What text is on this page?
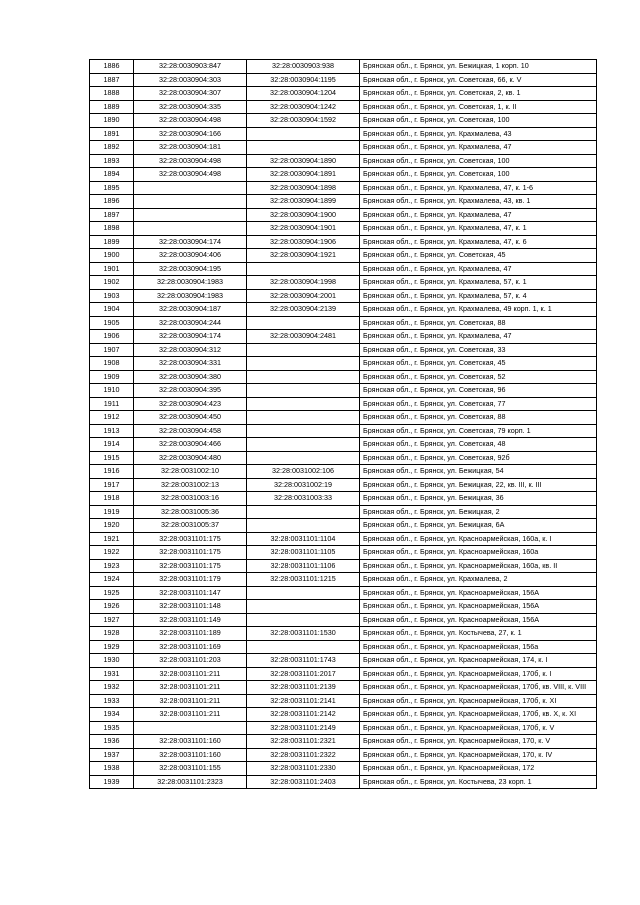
1886	32:28:0030903:847	32:28:0030903:938	Брянская обл., г. Брянск, ул. Бежицкая, 1 корп. 10
1887	32:28:0030904:303	32:28:0030904:1195	Брянская обл., г. Брянск, ул. Советская, 66, к. V
1888	32:28:0030904:307	32:28:0030904:1204	Брянская обл., г. Брянск, ул. Советская, 2, кв. 1
1889	32:28:0030904:335	32:28:0030904:1242	Брянская обл., г. Брянск, ул. Советская, 1, к. II
1890	32:28:0030904:498	32:28:0030904:1592	Брянская обл., г. Брянск, ул. Советская, 100
1891	32:28:0030904:166		Брянская обл., г. Брянск, ул. Крахмалева, 43
1892	32:28:0030904:181		Брянская обл., г. Брянск, ул. Крахмалева, 47
1893	32:28:0030904:498	32:28:0030904:1890	Брянская обл., г. Брянск, ул. Советская, 100
1894	32:28:0030904:498	32:28:0030904:1891	Брянская обл., г. Брянск, ул. Советская, 100
1895		32:28:0030904:1898	Брянская обл., г. Брянск, ул. Крахмалева, 47, к. 1-6
1896		32:28:0030904:1899	Брянская обл., г. Брянск, ул. Крахмалева, 43, кв. 1
1897		32:28:0030904:1900	Брянская обл., г. Брянск, ул. Крахмалева, 47
1898		32:28:0030904:1901	Брянская обл., г. Брянск, ул. Крахмалева, 47, к. 1
1899	32:28:0030904:174	32:28:0030904:1906	Брянская обл., г. Брянск, ул. Крахмалева, 47, к. 6
1900	32:28:0030904:406	32:28:0030904:1921	Брянская обл., г. Брянск, ул. Советская, 45
1901	32:28:0030904:195		Брянская обл., г. Брянск, ул. Крахмалева, 47
1902	32:28:0030904:1983	32:28:0030904:1998	Брянская обл., г. Брянск, ул. Крахмалева, 57, к. 1
1903	32:28:0030904:1983	32:28:0030904:2001	Брянская обл., г. Брянск, ул. Крахмалева, 57, к. 4
1904	32:28:0030904:187	32:28:0030904:2139	Брянская обл., г. Брянск, ул. Крахмалева, 49 корп. 1, к. 1
1905	32:28:0030904:244		Брянская обл., г. Брянск, ул. Советская, 88
1906	32:28:0030904:174	32:28:0030904:2481	Брянская обл., г. Брянск, ул. Крахмалева, 47
1907	32:28:0030904:312		Брянская обл., г. Брянск, ул. Советская, 33
1908	32:28:0030904:331		Брянская обл., г. Брянск, ул. Советская, 45
1909	32:28:0030904:380		Брянская обл., г. Брянск, ул. Советская, 52
1910	32:28:0030904:395		Брянская обл., г. Брянск, ул. Советская, 96
1911	32:28:0030904:423		Брянская обл., г. Брянск, ул. Советская, 77
1912	32:28:0030904:450		Брянская обл., г. Брянск, ул. Советская, 88
1913	32:28:0030904:458		Брянская обл., г. Брянск, ул. Советская, 79 корп. 1
1914	32:28:0030904:466		Брянская обл., г. Брянск, ул. Советская, 48
1915	32:28:0030904:480		Брянская обл., г. Брянск, ул. Советская, 92б
1916	32:28:0031002:10	32:28:0031002:106	Брянская обл., г. Брянск, ул. Бежицкая, 54
1917	32:28:0031002:13	32:28:0031002:19	Брянская обл., г. Брянск, ул. Бежицкая, 22, кв. III, к. III
1918	32:28:0031003:16	32:28:0031003:33	Брянская обл., г. Брянск, ул. Бежицкая, 36
1919	32:28:0031005:36		Брянская обл., г. Брянск, ул. Бежицкая, 2
1920	32:28:0031005:37		Брянская обл., г. Брянск, ул. Бежицкая, 6А
1921	32:28:0031101:175	32:28:0031101:1104	Брянская обл., г. Брянск, ул. Красноармейская, 160а, к. I
1922	32:28:0031101:175	32:28:0031101:1105	Брянская обл., г. Брянск, ул. Красноармейская, 160а
1923	32:28:0031101:175	32:28:0031101:1106	Брянская обл., г. Брянск, ул. Красноармейская, 160а, кв. II
1924	32:28:0031101:179	32:28:0031101:1215	Брянская обл., г. Брянск, ул. Крахмалева, 2
1925	32:28:0031101:147		Брянская обл., г. Брянск, ул. Красноармейская, 156А
1926	32:28:0031101:148		Брянская обл., г. Брянск, ул. Красноармейская, 156А
1927	32:28:0031101:149		Брянская обл., г. Брянск, ул. Красноармейская, 156А
1928	32:28:0031101:189	32:28:0031101:1530	Брянская обл., г. Брянск, ул. Костычева, 27, к. 1
1929	32:28:0031101:169		Брянская обл., г. Брянск, ул. Красноармейская, 156а
1930	32:28:0031101:203	32:28:0031101:1743	Брянская обл., г. Брянск, ул. Красноармейская, 174, к. I
1931	32:28:0031101:211	32:28:0031101:2017	Брянская обл., г. Брянск, ул. Красноармейская, 170б, к. I
1932	32:28:0031101:211	32:28:0031101:2139	Брянская обл., г. Брянск, ул. Красноармейская, 170б, кв. VIII, к. VIII
1933	32:28:0031101:211	32:28:0031101:2141	Брянская обл., г. Брянск, ул. Красноармейская, 170б, к. XI
1934	32:28:0031101:211	32:28:0031101:2142	Брянская обл., г. Брянск, ул. Красноармейская, 170б, кв. X, к. XI
1935		32:28:0031101:2149	Брянская обл., г. Брянск, ул. Красноармейская, 170б, к. V
1936	32:28:0031101:160	32:28:0031101:2321	Брянская обл., г. Брянск, ул. Красноармейская, 170, к. V
1937	32:28:0031101:160	32:28:0031101:2322	Брянская обл., г. Брянск, ул. Красноармейская, 170, к. IV
1938	32:28:0031101:155	32:28:0031101:2330	Брянская обл., г. Брянск, ул. Красноармейская, 172
1939	32:28:0031101:2323	32:28:0031101:2403	Брянская обл., г. Брянск, ул. Костычева, 23 корп. 1
